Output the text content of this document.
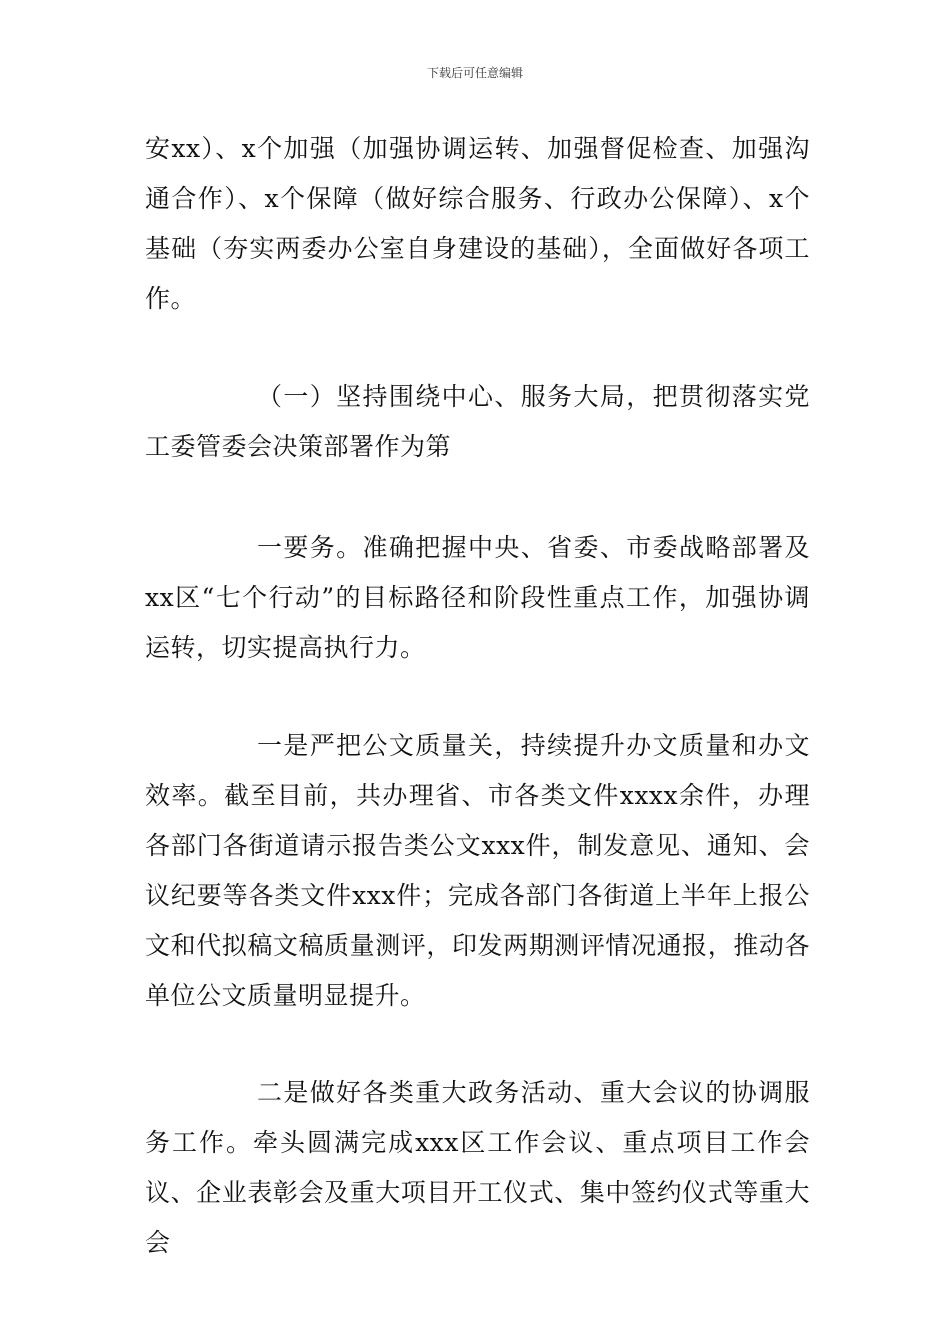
下载后可任意编辑

安xx）、x个加强（加强协调运转、加强督促检查、加强沟通合作）、x个保障（做好综合服务、行政办公保障）、x个基础（夯实两委办公室自身建设的基础），全面做好各项工作。

（一）坚持围绕中心、服务大局，把贯彻落实党工委管委会决策部署作为第

一要务。准确把握中央、省委、市委战略部署及xx区“七个行动”的目标路径和阶段性重点工作，加强协调运转，切实提高执行力。

一是严把公文质量关，持续提升办文质量和办文效率。截至目前，共办理省、市各类文件xxxx余件，办理各部门各街道请示报告类公文xxx件，制发意见、通知、会议纪要等各类文件xxx件；完成各部门各街道上半年上报公文和代拟稿文稿质量测评，印发两期测评情况通报，推动各单位公文质量明显提升。

二是做好各类重大政务活动、重大会议的协调服务工作。牵头圆满完成xxx区工作会议、重点项目工作会议、企业表彰会及重大项目开工仪式、集中签约仪式等重大会
